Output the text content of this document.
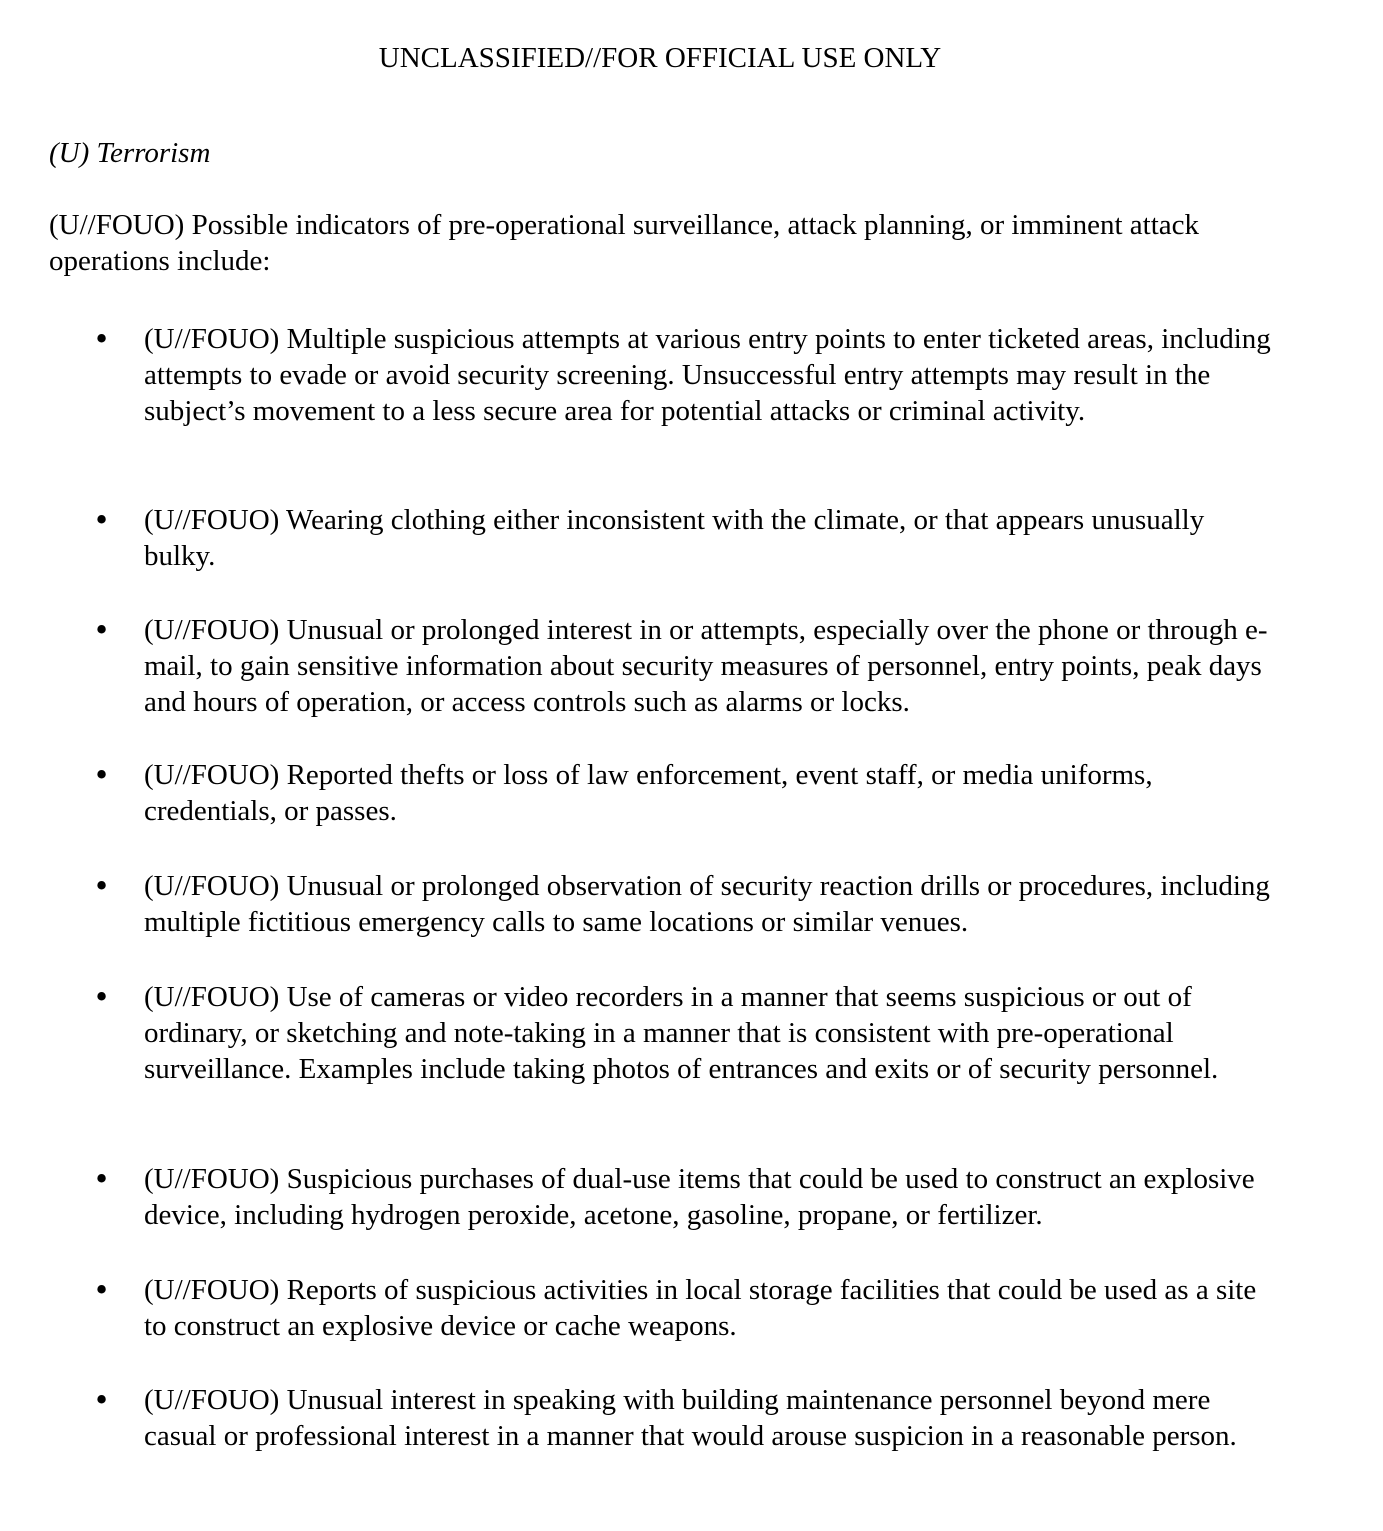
UNCLASSIFIED//FOR OFFICIAL USE ONLY

(U) Terrorism

(U//FOUO) Possible indicators of pre-operational surveillance, attack planning, or imminent attack operations include:

•

(U//FOUO) Multiple suspicious attempts at various entry points to enter ticketed areas, including attempts to evade or avoid security screening. Unsuccessful entry attempts may result in the subject’s movement to a less secure area for potential attacks or criminal activity.

•

(U//FOUO) Wearing clothing either inconsistent with the climate, or that appears unusually bulky.

•

(U//FOUO) Unusual or prolonged interest in or attempts, especially over the phone or through e-mail, to gain sensitive information about security measures of personnel, entry points, peak days and hours of operation, or access controls such as alarms or locks.

•

(U//FOUO) Reported thefts or loss of law enforcement, event staff, or media uniforms, credentials, or passes.

•

(U//FOUO) Unusual or prolonged observation of security reaction drills or procedures, including multiple fictitious emergency calls to same locations or similar venues.

•

(U//FOUO) Use of cameras or video recorders in a manner that seems suspicious or out of ordinary, or sketching and note-taking in a manner that is consistent with pre-operational surveillance. Examples include taking photos of entrances and exits or of security personnel.

•

(U//FOUO) Suspicious purchases of dual-use items that could be used to construct an explosive device, including hydrogen peroxide, acetone, gasoline, propane, or fertilizer.

•

(U//FOUO) Reports of suspicious activities in local storage facilities that could be used as a site to construct an explosive device or cache weapons.

•

(U//FOUO) Unusual interest in speaking with building maintenance personnel beyond mere casual or professional interest in a manner that would arouse suspicion in a reasonable person.
